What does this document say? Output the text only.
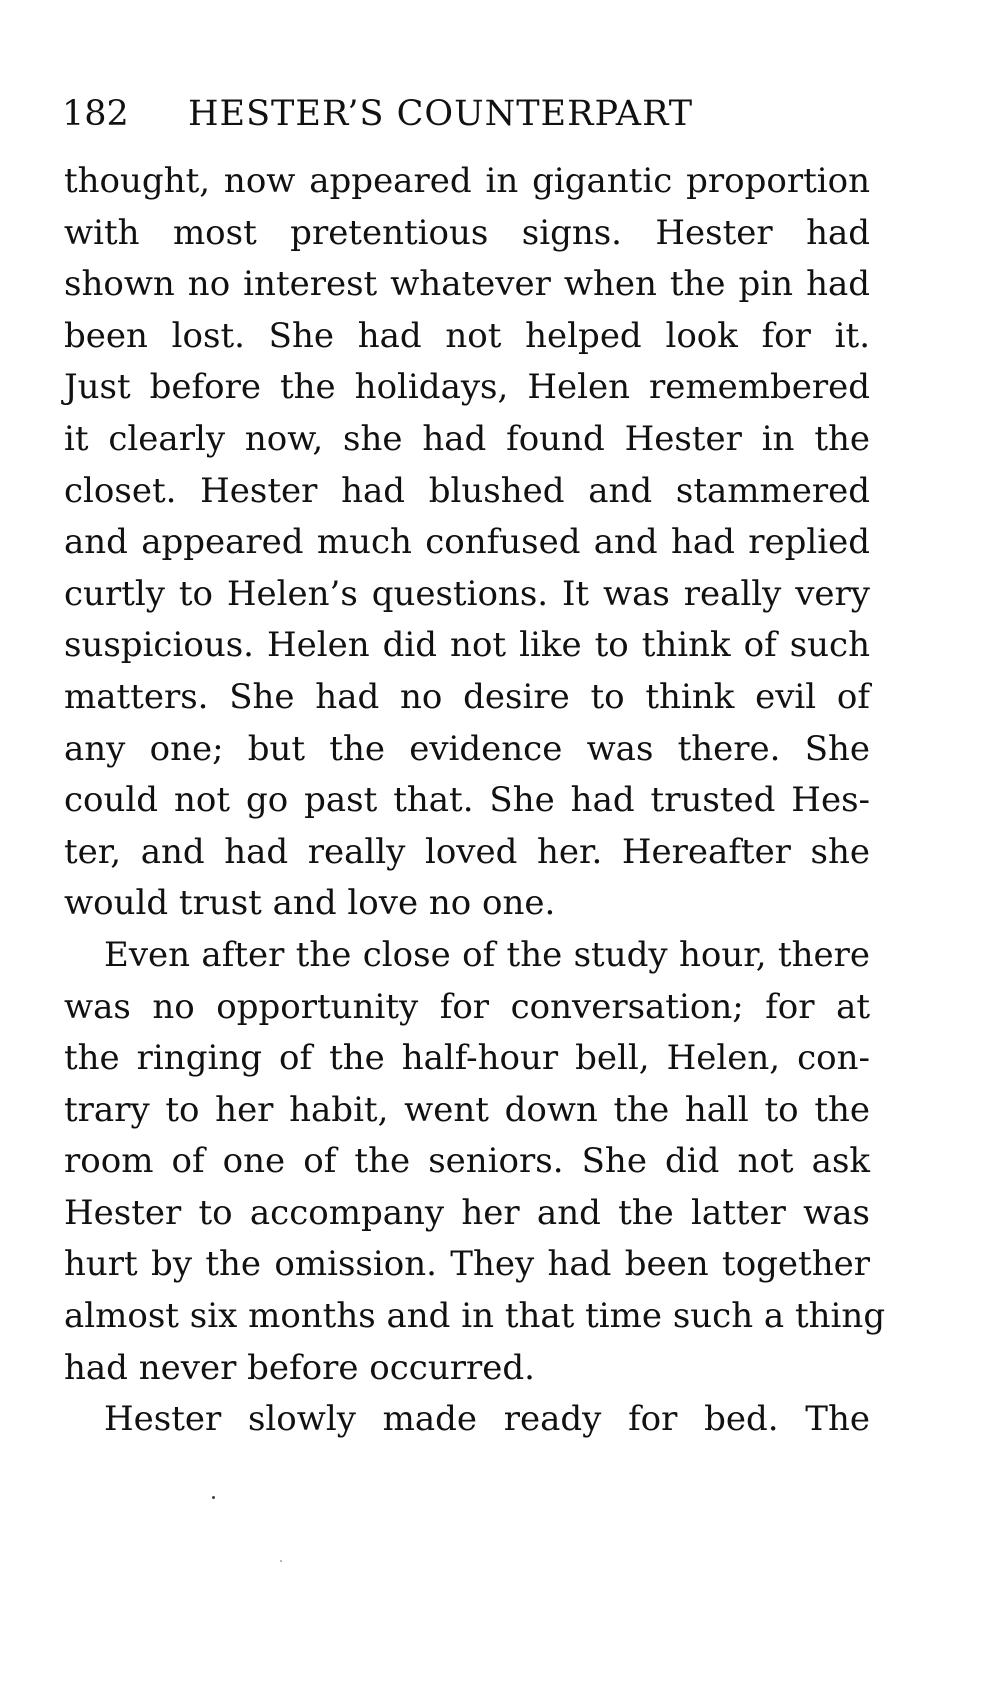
182 HESTER’S COUNTERPART
thought, now appeared in gigantic proportion
with most pretentious signs. Hester had
shown no interest whatever when the pin had
been lost. She had not helped look for it.
Just before the holidays, Helen remembered
it clearly now, she had found Hester in the
closet. Hester had blushed and stammered
and appeared much confused and had replied
curtly to Helen’s questions. It was really very
suspicious. Helen did not like to think of such
matters. She had no desire to think evil of
any one; but the evidence was there. She
could not go past that. She had trusted Hes-
ter, and had really loved her. Hereafter she
would trust and love no one.
Even after the close of the study hour, there
was no opportunity for conversation; for at
the ringing of the half-hour bell, Helen, con-
trary to her habit, went down the hall to the
room of one of the seniors. She did not ask
Hester to accompany her and the latter was
hurt by the omission. They had been together
almost six months and in that time such a thing
had never before occurred.
Hester slowly made ready for bed. The
